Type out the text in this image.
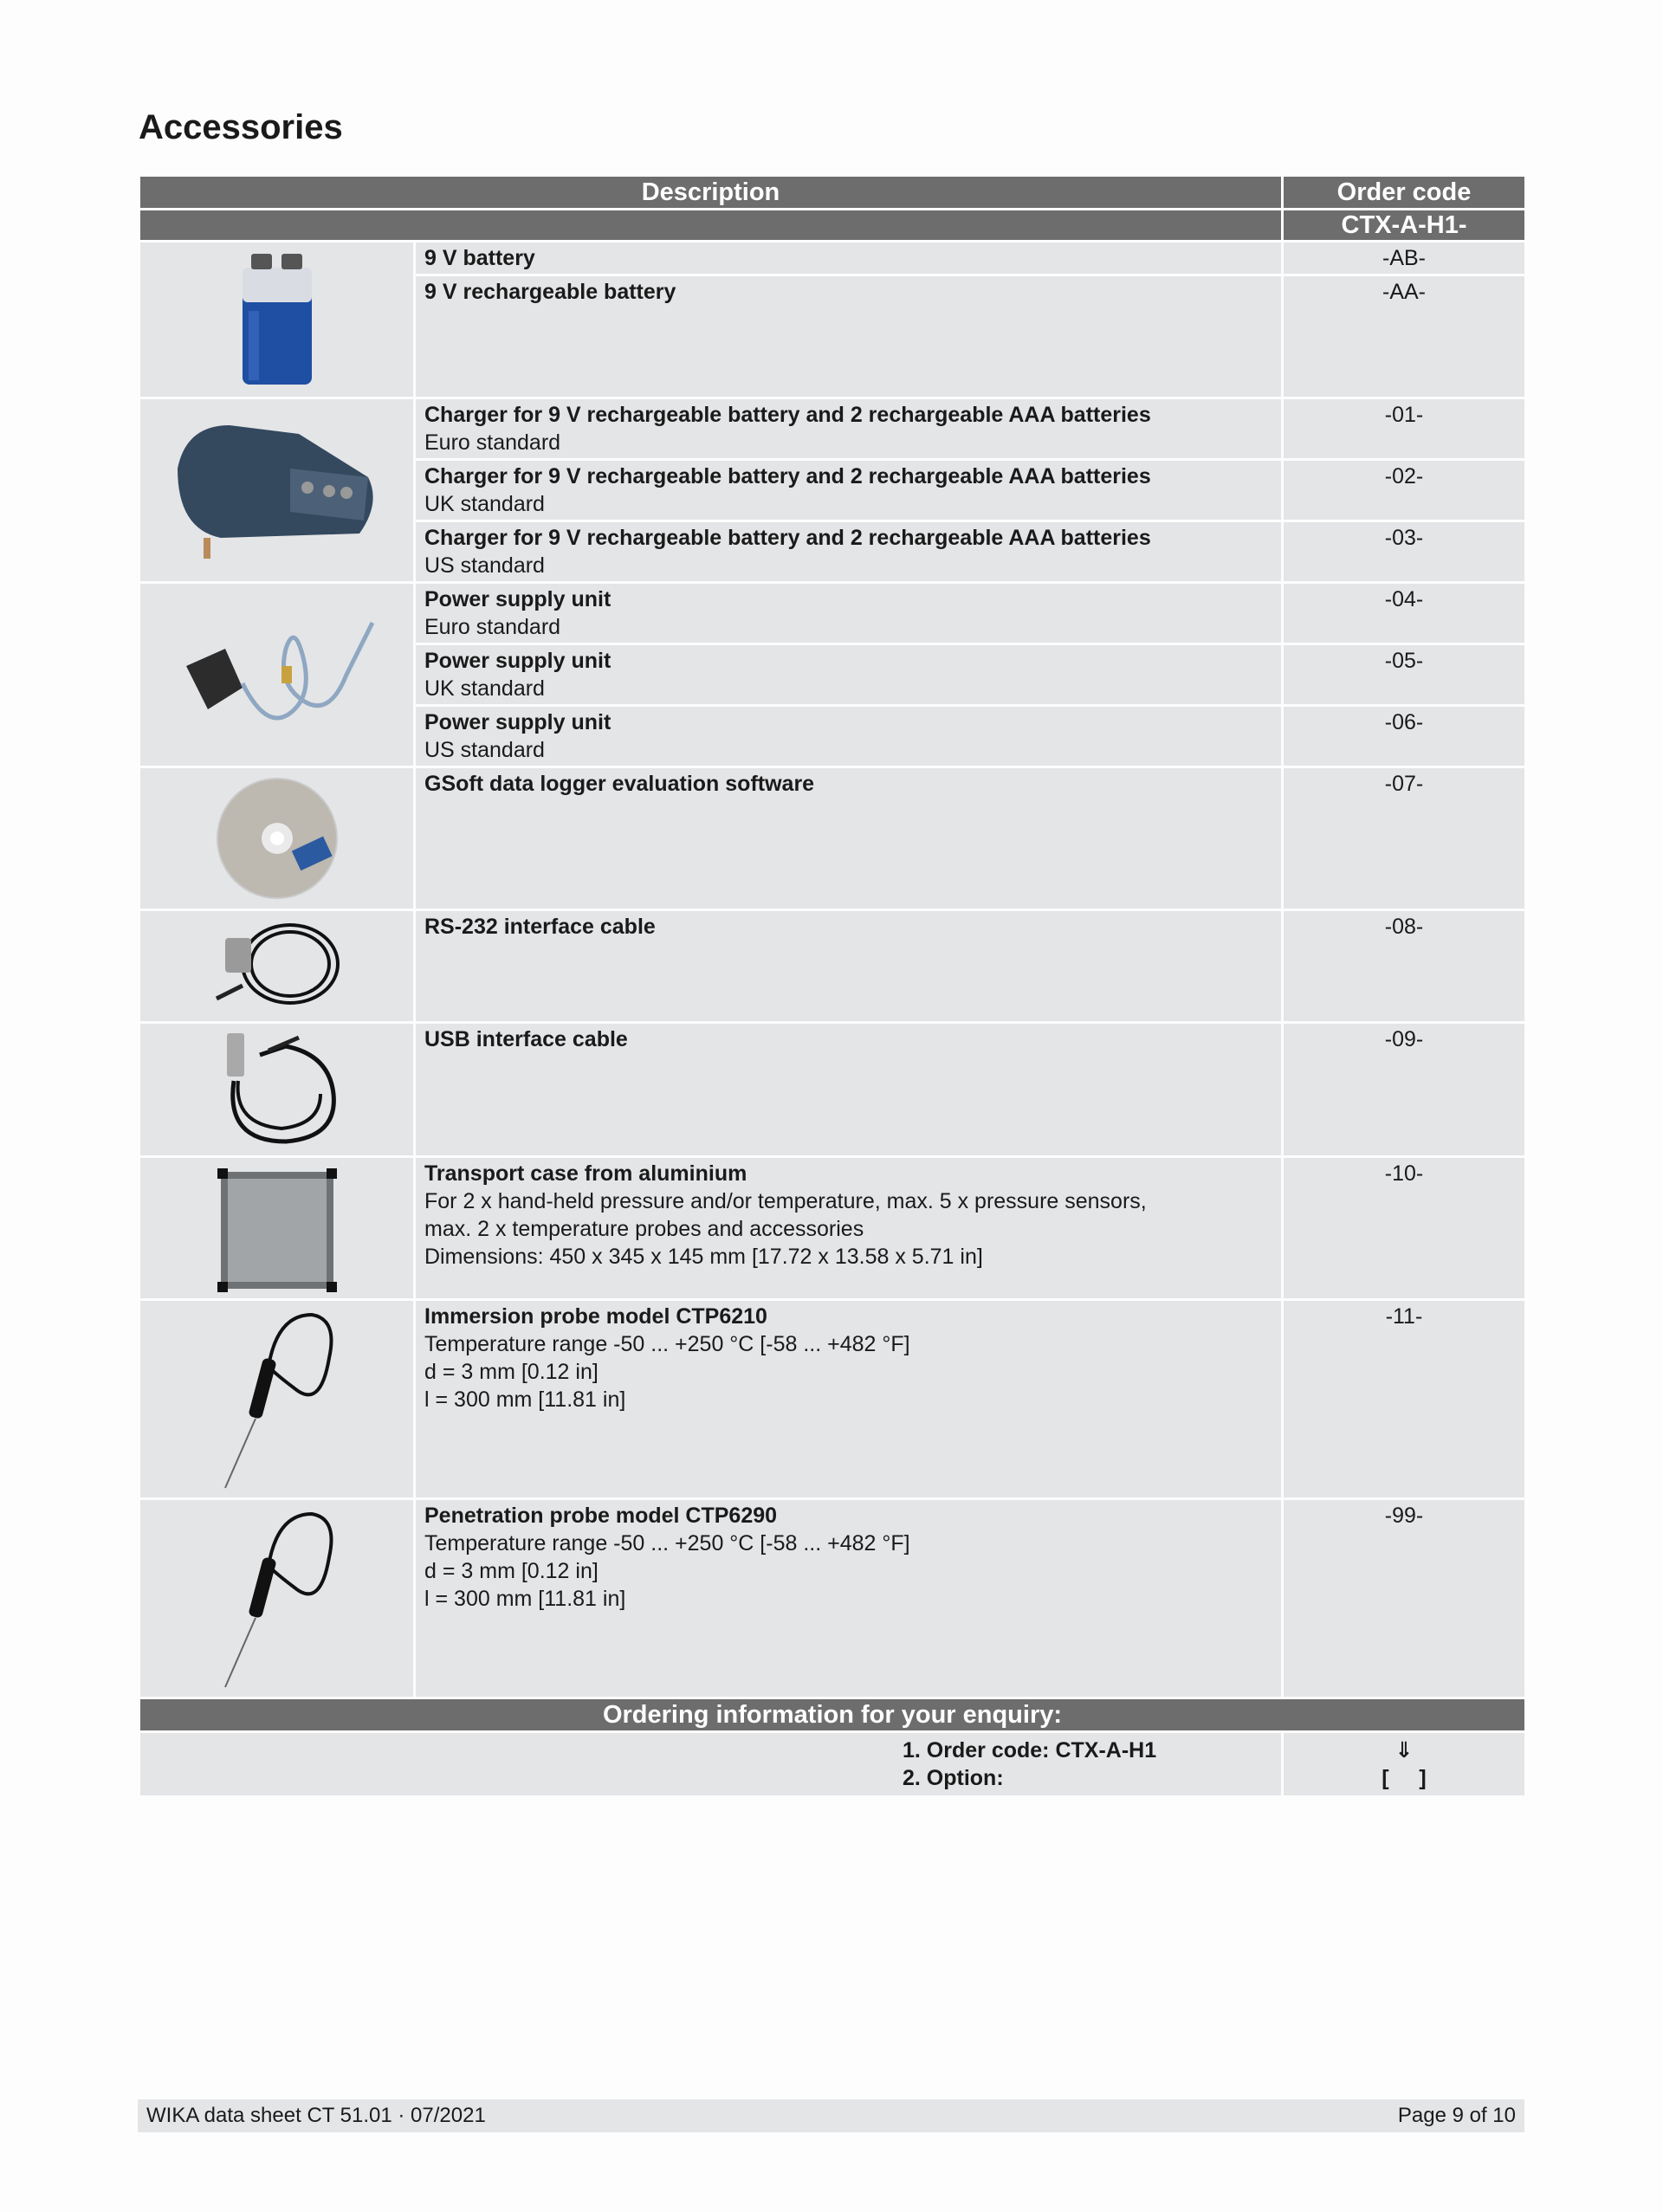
Accessories
Description		Order code
		CTX-A-H1-

9 V battery	-AB-

	9 V rechargeable battery	-AA-

Charger for 9 V rechargeable battery and 2 rechargeable AAA batteries
Euro standard	-01-

	Charger for 9 V rechargeable battery and 2 rechargeable AAA batteries
UK standard	-02-

	Charger for 9 V rechargeable battery and 2 rechargeable AAA batteries
US standard	-03-

Power supply unit
Euro standard	-04-

	Power supply unit
UK standard	-05-

	Power supply unit
US standard	-06-

GSoft data logger evaluation software	-07-

RS-232 interface cable	-08-

USB interface cable	-09-

Transport case from aluminium
For 2 x hand-held pressure and/or temperature, max. 5 x pressure sensors,
max. 2 x temperature probes and accessories
Dimensions: 450 x 345 x 145 mm [17.72 x 13.58 x 5.71 in]	-10-

Immersion probe model CTP6210
Temperature range -50 ... +250 °C [-58 ... +482 °F]
d = 3 mm [0.12 in]
l = 300 mm [11.81 in]	-11-

Penetration probe model CTP6290
Temperature range -50 ... +250 °C [-58 ... +482 °F]
d = 3 mm [0.12 in]
l = 300 mm [11.81 in]	-99-
Ordering information for your enquiry:		

1. Order code: CTX-A-H1
2. Option:		⇓
[     ]
WIKA data sheet CT 51.01 · 07/2021	Page 9 of 10
